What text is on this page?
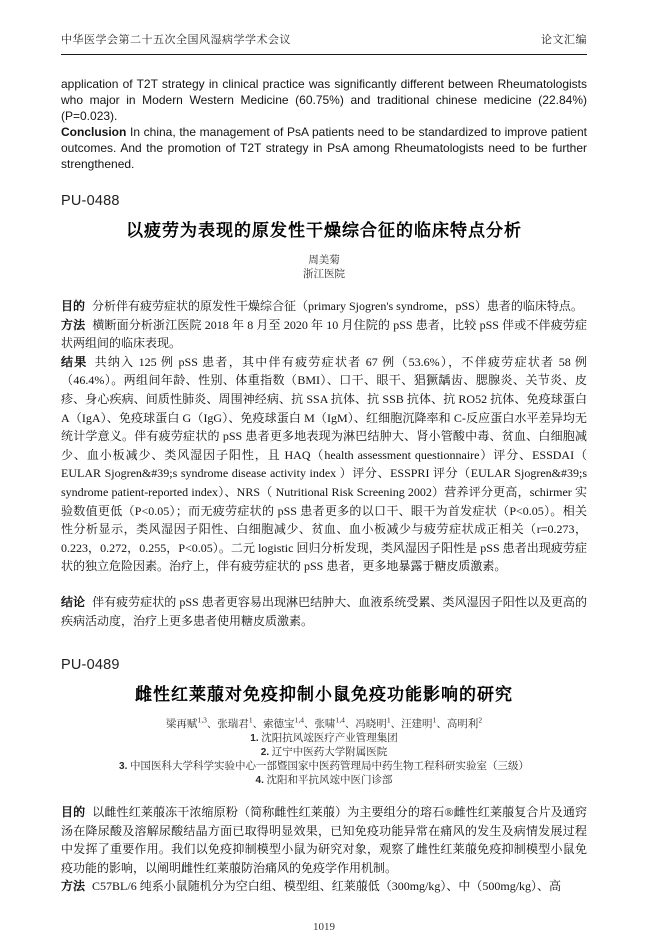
中华医学会第二十五次全国风湿病学学术会议	论文汇编

application of T2T strategy in clinical practice was significantly different between Rheumatologists who major in Modern Western Medicine (60.75%) and traditional chinese medicine (22.84%) (P=0.023).

Conclusion In china, the management of PsA patients need to be standardized to improve patient outcomes. And the promotion of T2T strategy in PsA among Rheumatologists need to be further strengthened.

PU-0488
以疲劳为表现的原发性干燥综合征的临床特点分析
周美菊
浙江医院

目的 分析伴有疲劳症状的原发性干燥综合征（primary Sjogren's syndrome，pSS）患者的临床特点。

方法 横断面分析浙江医院 2018 年 8 月至 2020 年 10 月住院的 pSS 患者，比较 pSS 伴或不伴疲劳症状两组间的临床表现。

结果 共纳入 125 例 pSS 患者，其中伴有疲劳症状者 67 例（53.6%），不伴疲劳症状者 58 例（46.4%）。两组间年龄、性别、体重指数（BMI）、口干、眼干、猖獗龋齿、腮腺炎、关节炎、皮疹、身心疾病、间质性肺炎、周围神经病、抗 SSA 抗体、抗 SSB 抗体、抗 RO52 抗体、免疫球蛋白 A（IgA）、免疫球蛋白 G（IgG）、免疫球蛋白 M（IgM）、红细胞沉降率和 C-反应蛋白水平差异均无统计学意义。伴有疲劳症状的 pSS 患者更多地表现为淋巴结肿大、肾小管酸中毒、贫血、白细胞减少、血小板减少、类风湿因子阳性，且 HAQ（health assessment questionnaire）评分、ESSDAI（ EULAR Sjogren&#39;s syndrome disease activity index ）评分、ESSPRI 评分（EULAR Sjogren&#39;s syndrome patient-reported index）、NRS（ Nutritional Risk Screening 2002）营养评分更高，schirmer 实验数值更低（P<0.05）；而无疲劳症状的 pSS 患者更多的以口干、眼干为首发症状（P<0.05）。相关性分析显示，类风湿因子阳性、白细胞减少、贫血、血小板减少与疲劳症状成正相关（r=0.273，0.223，0.272，0.255，P<0.05）。二元 logistic 回归分析发现，类风湿因子阳性是 pSS 患者出现疲劳症状的独立危险因素。治疗上，伴有疲劳症状的 pSS 患者，更多地暴露于糖皮质激素。

结论 伴有疲劳症状的 pSS 患者更容易出现淋巴结肿大、血液系统受累、类风湿因子阳性以及更高的疾病活动度，治疗上更多患者使用糖皮质激素。

PU-0489
雌性红莱菔对免疫抑制小鼠免疫功能影响的研究
梁再赋$^{1,3}$、张瑞君$^1$、索德宝$^{1,4}$、张啸$^{1,4}$、冯晓明$^1$、汪建明$^1$、高明利$^2$
1. 沈阳抗风竤医疗产业管理集团
2. 辽宁中医药大学附属医院
3. 中国医科大学科学实验中心一部暨国家中医药管理局中药生物工程科研实验室（三级）
4. 沈阳和平抗风竤中医门诊部

目的 以雌性红莱菔冻干浓缩原粉（简称雌性红莱菔）为主要组分的瑢石®雌性红莱菔复合片及通窍汤在降尿酸及溶解尿酸结晶方面已取得明显效果，已知免疫功能异常在痛风的发生及病情发展过程中发挥了重要作用。我们以免疫抑制模型小鼠为研究对象，观察了雌性红莱菔免疫抑制模型小鼠免疫功能的影响，以阐明雌性红莱菔防治痛风的免疫学作用机制。

方法 C57BL/6 纯系小鼠随机分为空白组、模型组、红莱菔低（300mg/kg）、中（500mg/kg）、高

1019
